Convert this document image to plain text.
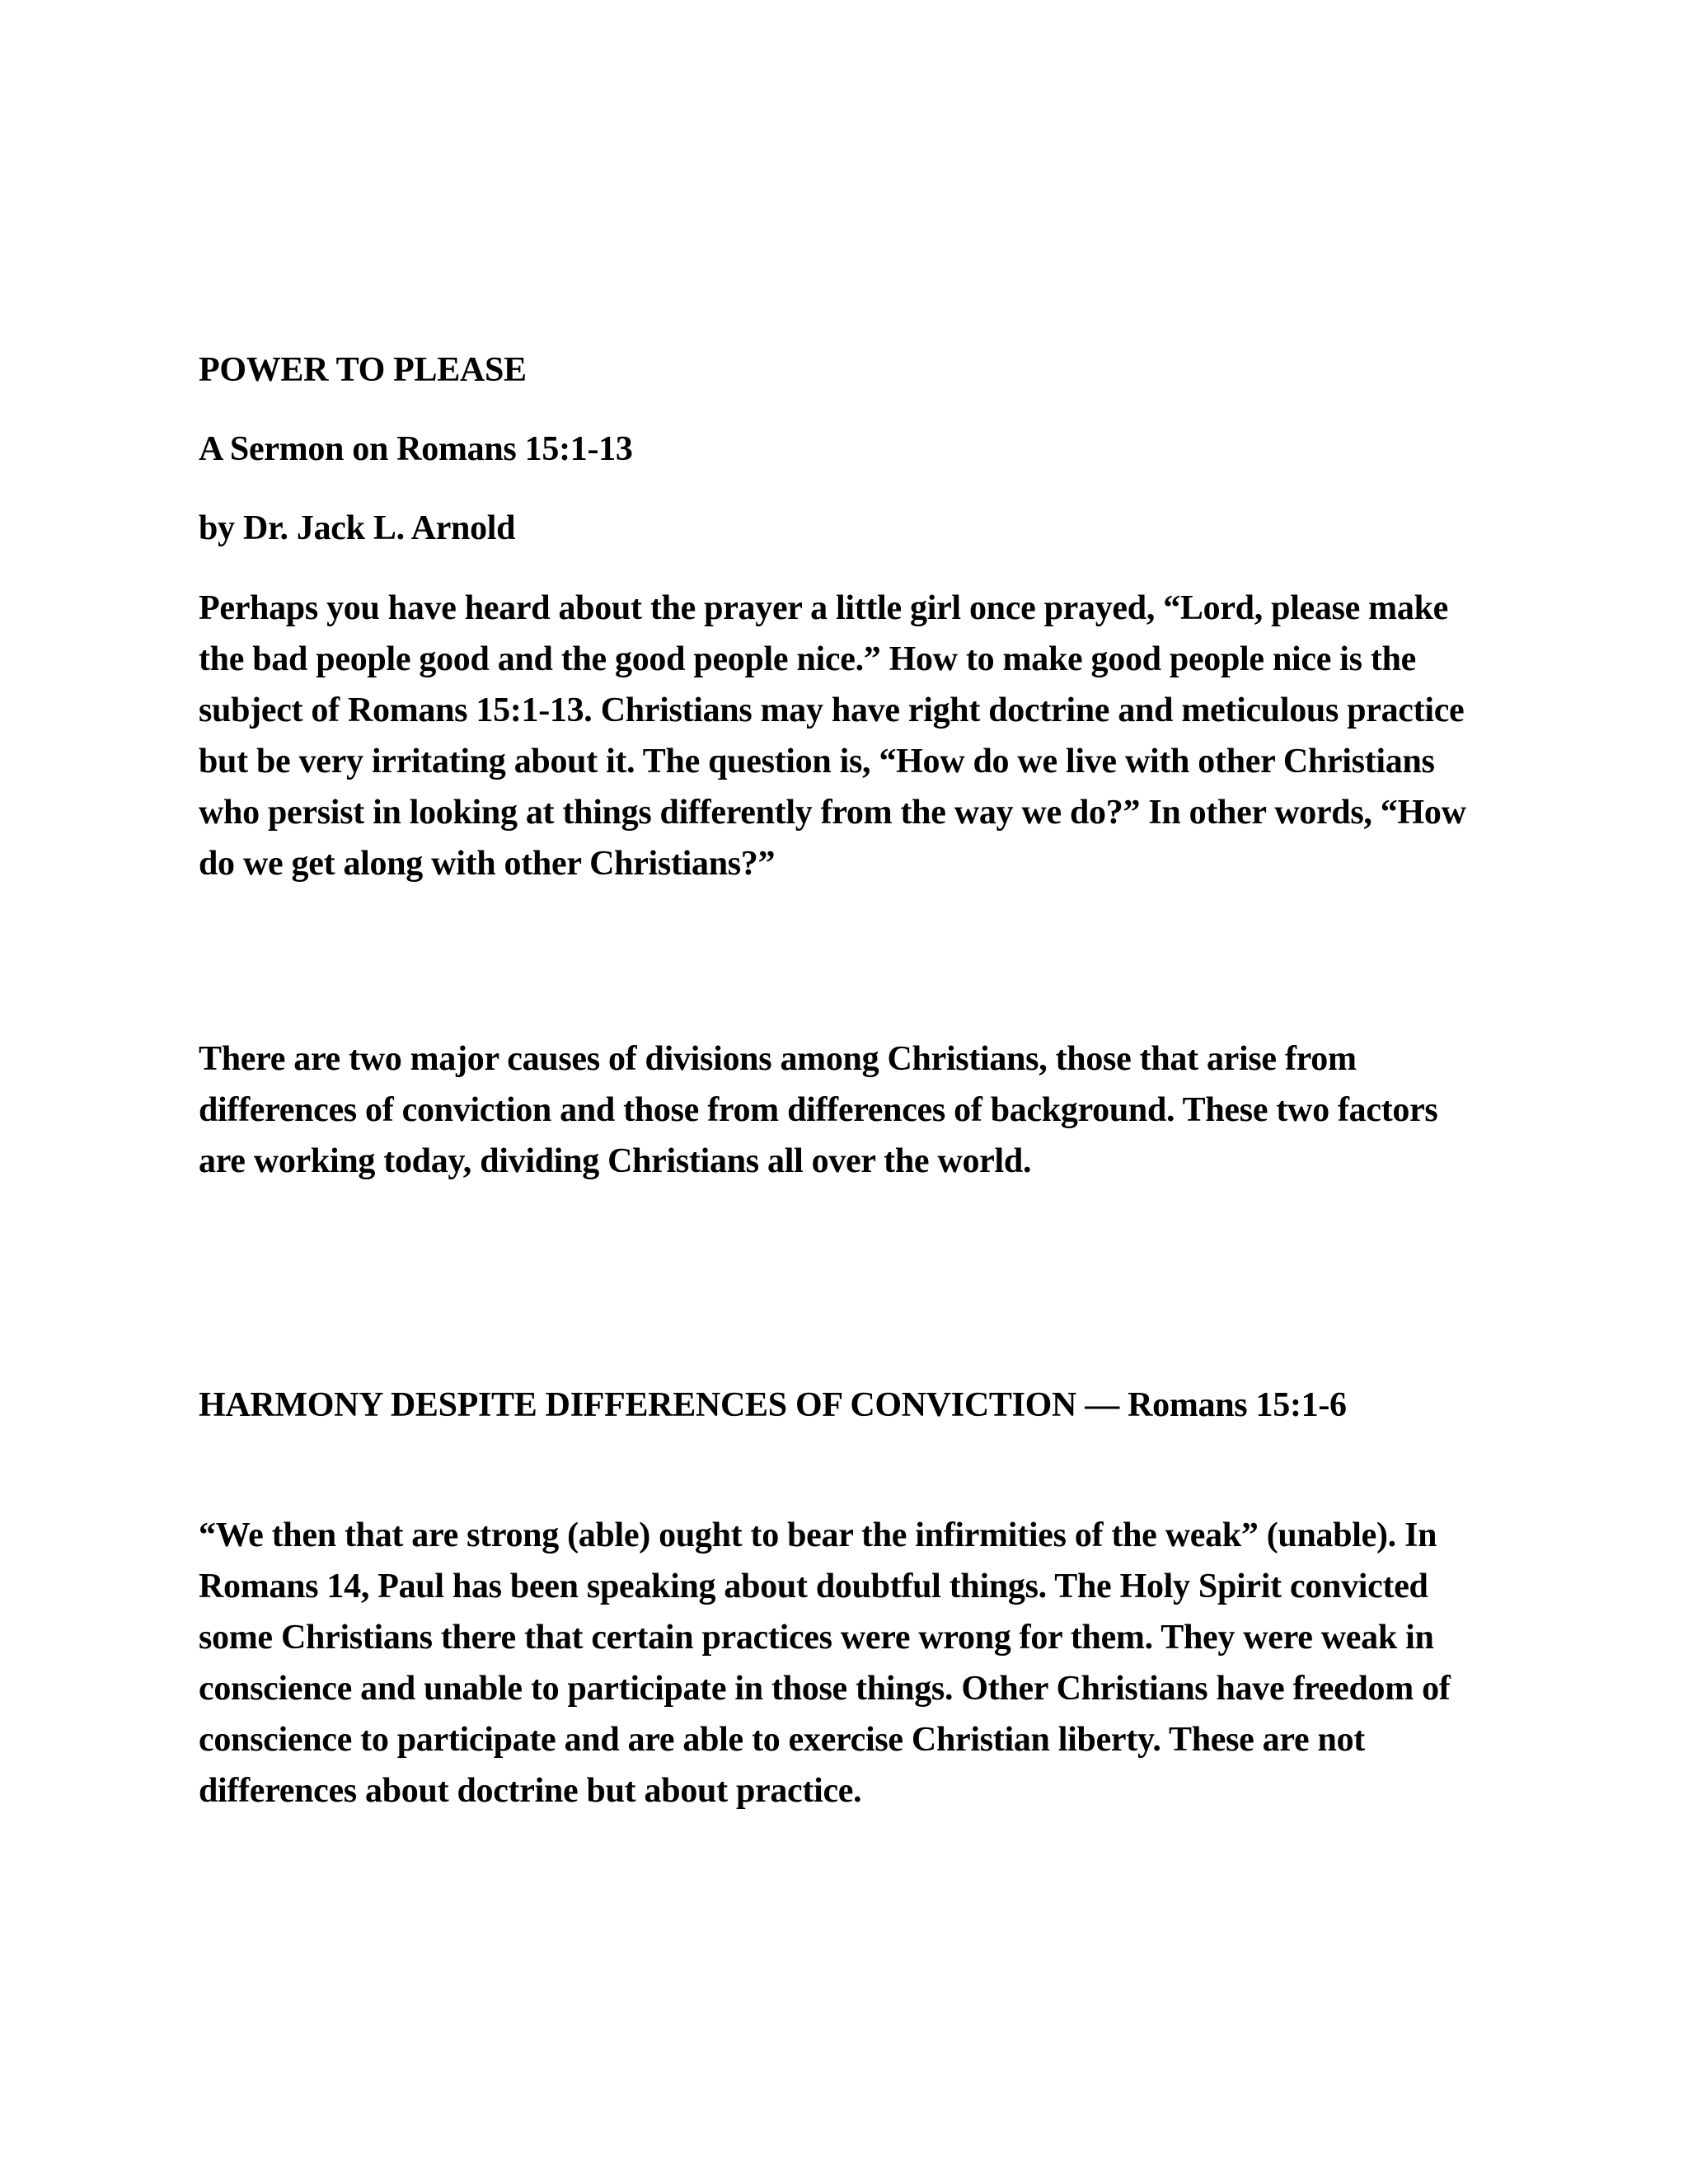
POWER TO PLEASE

A Sermon on Romans 15:1-13

by Dr. Jack L. Arnold

Perhaps you have heard about the prayer a little girl once prayed, “Lord, please make the bad people good and the good people nice.” How to make good people nice is the subject of Romans 15:1-13. Christians may have right doctrine and meticulous practice but be very irritating about it. The question is, “How do we live with other Christians who persist in looking at things differently from the way we do?” In other words, “How do we get along with other Christians?”

There are two major causes of divisions among Christians, those that arise from differences of conviction and those from differences of background. These two factors are working today, dividing Christians all over the world.

HARMONY DESPITE DIFFERENCES OF CONVICTION — Romans 15:1-6

“We then that are strong (able) ought to bear the infirmities of the weak” (unable). In Romans 14, Paul has been speaking about doubtful things. The Holy Spirit convicted some Christians there that certain practices were wrong for them. They were weak in conscience and unable to participate in those things. Other Christians have freedom of conscience to participate and are able to exercise Christian liberty. These are not differences about doctrine but about practice.
